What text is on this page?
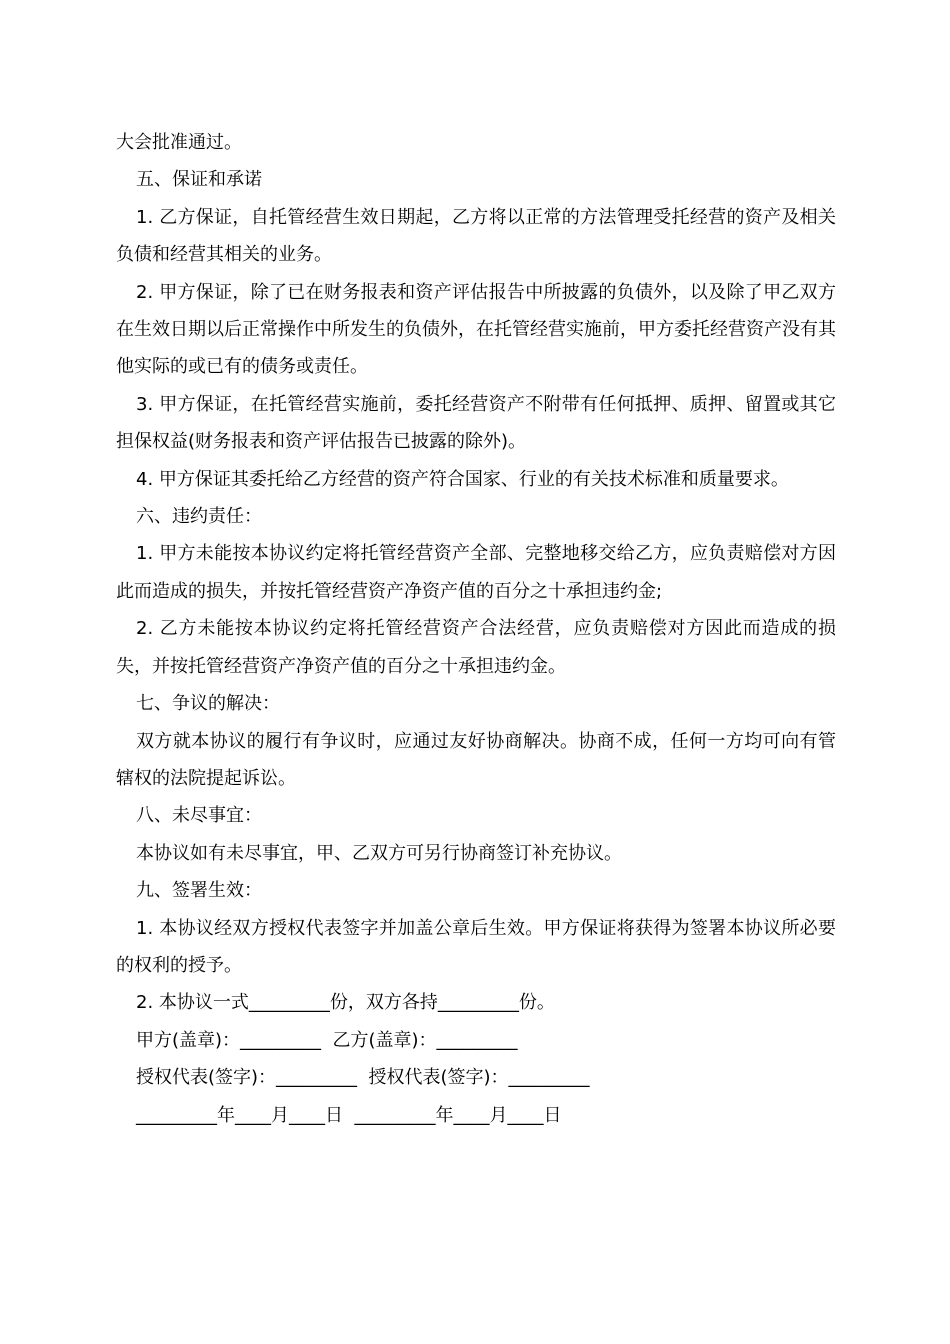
大会批准通过。

五、保证和承诺

1. 乙方保证，自托管经营生效日期起，乙方将以正常的方法管理受托经营的资产及相关负债和经营其相关的业务。

2. 甲方保证，除了已在财务报表和资产评估报告中所披露的负债外，以及除了甲乙双方在生效日期以后正常操作中所发生的负债外，在托管经营实施前，甲方委托经营资产没有其他实际的或已有的债务或责任。

3. 甲方保证，在托管经营实施前，委托经营资产不附带有任何抵押、质押、留置或其它担保权益(财务报表和资产评估报告已披露的除外)。

4. 甲方保证其委托给乙方经营的资产符合国家、行业的有关技术标准和质量要求。

六、违约责任：

1. 甲方未能按本协议约定将托管经营资产全部、完整地移交给乙方，应负责赔偿对方因此而造成的损失，并按托管经营资产净资产值的百分之十承担违约金;

2. 乙方未能按本协议约定将托管经营资产合法经营，应负责赔偿对方因此而造成的损失，并按托管经营资产净资产值的百分之十承担违约金。

七、争议的解决：

双方就本协议的履行有争议时，应通过友好协商解决。协商不成，任何一方均可向有管辖权的法院提起诉讼。

八、未尽事宜：

本协议如有未尽事宜，甲、乙双方可另行协商签订补充协议。

九、签署生效：

1. 本协议经双方授权代表签字并加盖公章后生效。甲方保证将获得为签署本协议所必要的权利的授予。

2. 本协议一式_________份，双方各持_________份。

甲方(盖章)：_________  乙方(盖章)：_________

授权代表(签字)：_________  授权代表(签字)：_________

_________年____月____日  _________年____月____日
